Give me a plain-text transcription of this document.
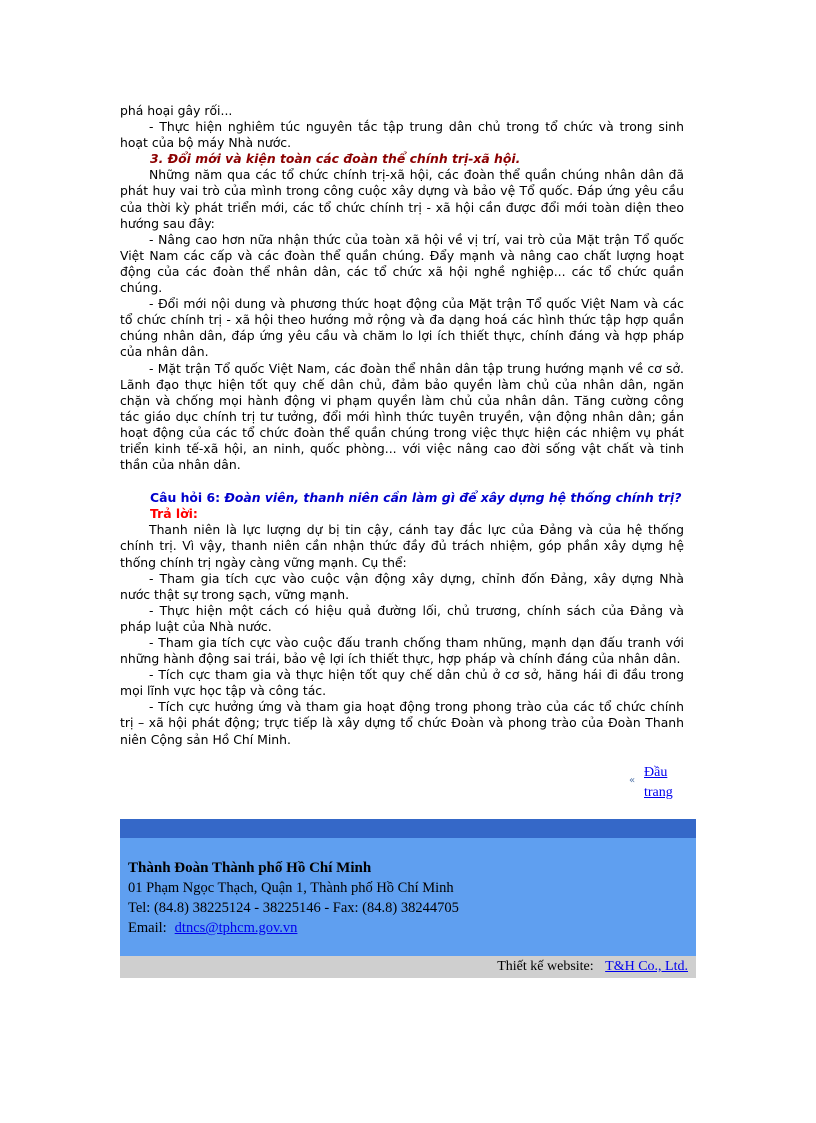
phá hoại gây rối...

- Thực hiện nghiêm túc nguyên tắc tập trung dân chủ trong tổ chức và trong sinh hoạt của bộ máy Nhà nước.

3. Đổi mới và kiện toàn các đoàn thể chính trị-xã hội.

Những năm qua các tổ chức chính trị-xã hội, các đoàn thể quần chúng nhân dân đã phát huy vai trò của mình trong công cuộc xây dựng và bảo vệ Tổ quốc. Đáp ứng yêu cầu của thời kỳ phát triển mới, các tổ chức chính trị - xã hội cần được đổi mới toàn diện theo hướng sau đây:

- Nâng cao hơn nữa nhận thức của toàn xã hội về vị trí, vai trò của Mặt trận Tổ quốc Việt Nam các cấp và các đoàn thể quần chúng. Đẩy mạnh và nâng cao chất lượng hoạt động của các đoàn thể nhân dân, các tổ chức xã hội nghề nghiệp... các tổ chức quần chúng.

- Đổi mới nội dung và phương thức hoạt động của Mặt trận Tổ quốc Việt Nam và các tổ chức chính trị - xã hội theo hướng mở rộng và đa dạng hoá các hình thức tập hợp quần chúng nhân dân, đáp ứng yêu cầu và chăm lo lợi ích thiết thực, chính đáng và hợp pháp của nhân dân.

- Mặt trận Tổ quốc Việt Nam, các đoàn thể nhân dân tập trung hướng mạnh về cơ sở. Lãnh đạo thực hiện tốt quy chế dân chủ, đảm bảo quyền làm chủ của nhân dân, ngăn chặn và chống mọi hành động vi phạm quyền làm chủ của nhân dân. Tăng cường công tác giáo dục chính trị tư tưởng, đổi mới hình thức tuyên truyền, vận động nhân dân; gắn hoạt động của các tổ chức đoàn thể quần chúng trong việc thực hiện các nhiệm vụ phát triển kinh tế-xã hội, an ninh, quốc phòng... với việc nâng cao đời sống vật chất và tinh thần của nhân dân.

Câu hỏi 6: Đoàn viên, thanh niên cần làm gì để xây dựng hệ thống chính trị?

Trả lời:

Thanh niên là lực lượng dự bị tin cậy, cánh tay đắc lực của Đảng và của hệ thống chính trị. Vì vậy, thanh niên cần nhận thức đầy đủ trách nhiệm, góp phần xây dựng hệ thống chính trị ngày càng vững mạnh. Cụ thể:

- Tham gia tích cực vào cuộc vận động xây dựng, chỉnh đốn Đảng, xây dựng Nhà nước thật sự trong sạch, vững mạnh.

- Thực hiện một cách có hiệu quả đường lối, chủ trương, chính sách của Đảng và pháp luật của Nhà nước.

- Tham gia tích cực vào cuộc đấu tranh chống tham nhũng, mạnh dạn đấu tranh với những hành động sai trái, bảo vệ lợi ích thiết thực, hợp pháp và chính đáng của nhân dân.

- Tích cực tham gia và thực hiện tốt quy chế dân chủ ở cơ sở, hăng hái đi đầu trong mọi lĩnh vực học tập và công tác.

- Tích cực hưởng ứng và tham gia hoạt động trong phong trào của các tổ chức chính trị – xã hội phát động; trực tiếp là xây dựng tổ chức Đoàn và phong trào của Đoàn Thanh niên Cộng sản Hồ Chí Minh.

«
Đầu trang
Thành Đoàn Thành phố Hồ Chí Minh
01 Phạm Ngọc Thạch, Quận 1, Thành phố Hồ Chí Minh
Tel: (84.8) 38225124 - 38225146 - Fax: (84.8) 38244705
Email: dtncs@tphcm.gov.vn
Thiết kế website: T&H Co., Ltd.
